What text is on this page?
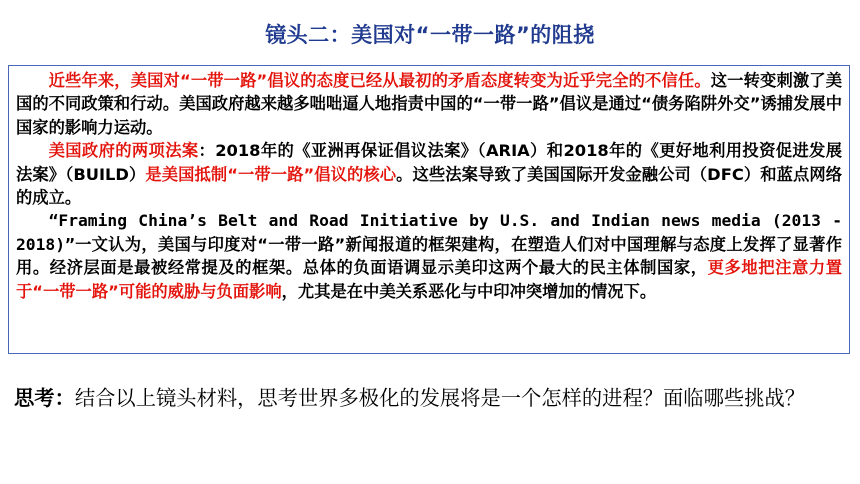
镜头二：美国对“一带一路”的阻挠

近些年来，美国对“一带一路”倡议的态度已经从最初的矛盾态度转变为近乎完全的不信任。这一转变刺激了美国的不同政策和行动。美国政府越来越多咄咄逼人地指责中国的“一带一路”倡议是通过“债务陷阱外交”诱捕发展中国家的影响力运动。

美国政府的两项法案：2018年的《亚洲再保证倡议法案》（ARIA）和2018年的《更好地利用投资促进发展法案》（BUILD）是美国抵制“一带一路”倡议的核心。这些法案导致了美国国际开发金融公司（DFC）和蓝点网络的成立。

“Framing China’s Belt and Road Initiative by U.S. and Indian news media (2013 - 2018)”一文认为，美国与印度对“一带一路”新闻报道的框架建构，在塑造人们对中国理解与态度上发挥了显著作用。经济层面是最被经常提及的框架。总体的负面语调显示美印这两个最大的民主体制国家，更多地把注意力置于“一带一路”可能的威胁与负面影响，尤其是在中美关系恶化与中印冲突增加的情况下。

思考：结合以上镜头材料，思考世界多极化的发展将是一个怎样的进程？面临哪些挑战？
